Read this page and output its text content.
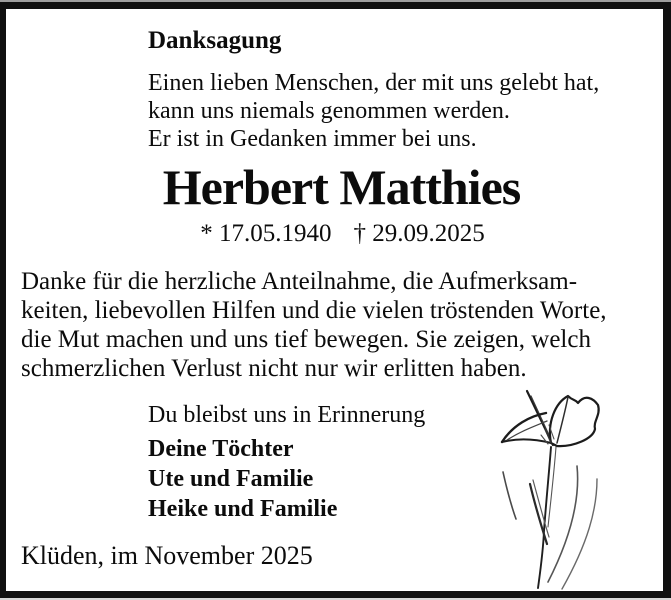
Danksagung
Einen lieben Menschen, der mit uns gelebt hat,
kann uns niemals genommen werden.
Er ist in Gedanken immer bei uns.
Herbert Matthies
* 17.05.1940 † 29.09.2025
Danke für die herzliche Anteilnahme, die Aufmerksam-
keiten, liebevollen Hilfen und die vielen tröstenden Worte,
die Mut machen und uns tief bewegen. Sie zeigen, welch
schmerzlichen Verlust nicht nur wir erlitten haben.
Du bleibst uns in Erinnerung
Deine Töchter
Ute und Familie
Heike und Familie
Klüden, im November 2025
